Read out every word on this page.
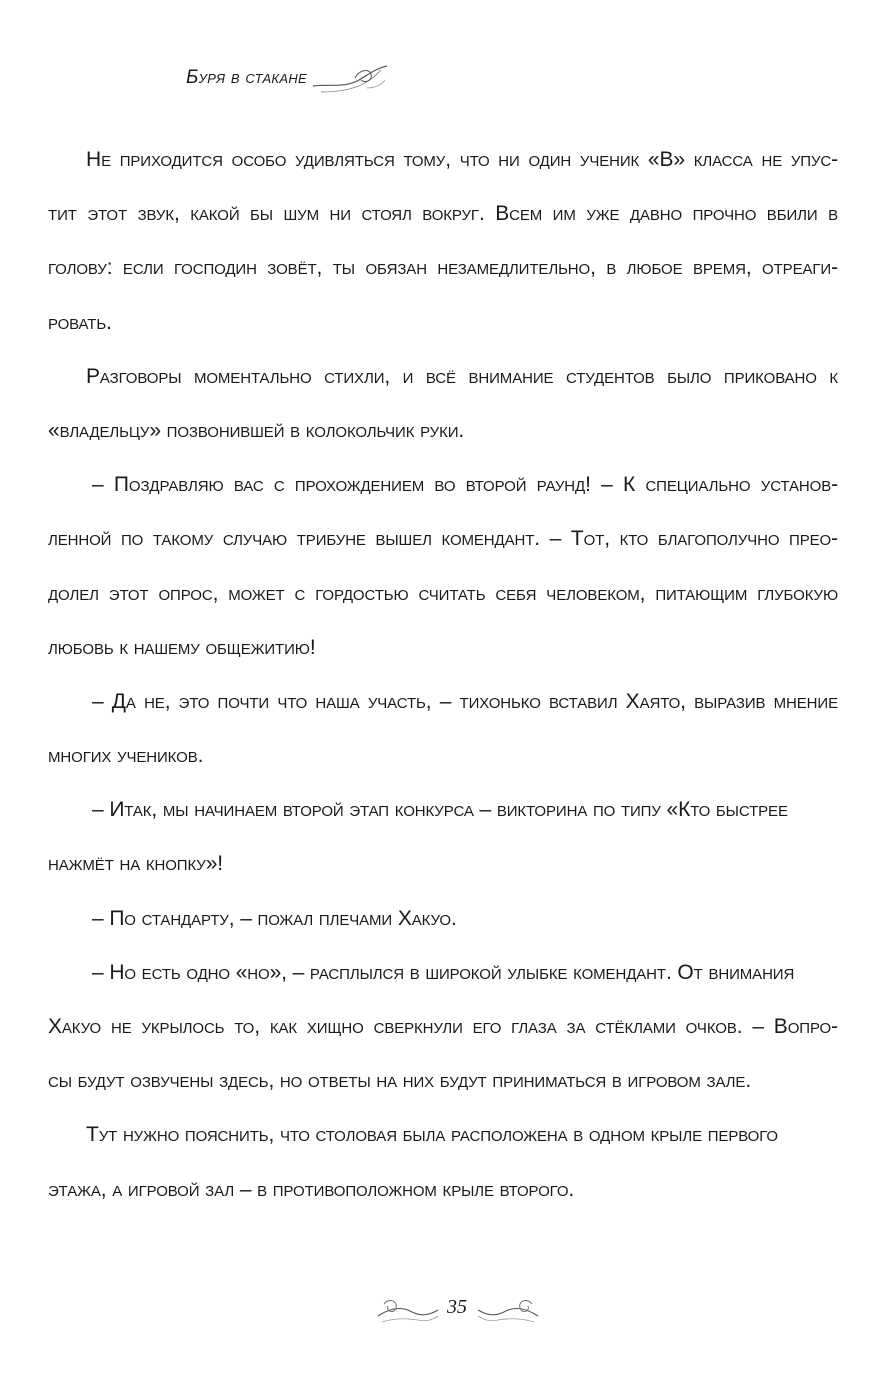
Буря в стакане
Не приходится особо удивляться тому, что ни один ученик «В» класса не упус-
тит этот звук, какой бы шум ни стоял вокруг. Всем им уже давно прочно вбили в
голову: если господин зовёт, ты обязан незамедлительно, в любое время, отреаги-
ровать.
Разговоры моментально стихли, и всё внимание студентов было приковано к
«владельцу» позвонившей в колокольчик руки.
– Поздравляю вас с прохождением во второй раунд! – К специально установ-
ленной по такому случаю трибуне вышел комендант. – Тот, кто благополучно прео-
долел этот опрос, может с гордостью считать себя человеком, питающим глубокую
любовь к нашему общежитию!
– Да не, это почти что наша участь, – тихонько вставил Хаято, выразив мнение
многих учеников.
– Итак, мы начинаем второй этап конкурса – викторина по типу «Кто быстрее
нажмёт на кнопку»!
– По стандарту, – пожал плечами Хакуо.
– Но есть одно «но», – расплылся в широкой улыбке комендант. От внимания
Хакуо не укрылось то, как хищно сверкнули его глаза за стёклами очков. – Вопро-
сы будут озвучены здесь, но ответы на них будут приниматься в игровом зале.
Тут нужно пояснить, что столовая была расположена в одном крыле первого
этажа, а игровой зал – в противоположном крыле второго.
35
